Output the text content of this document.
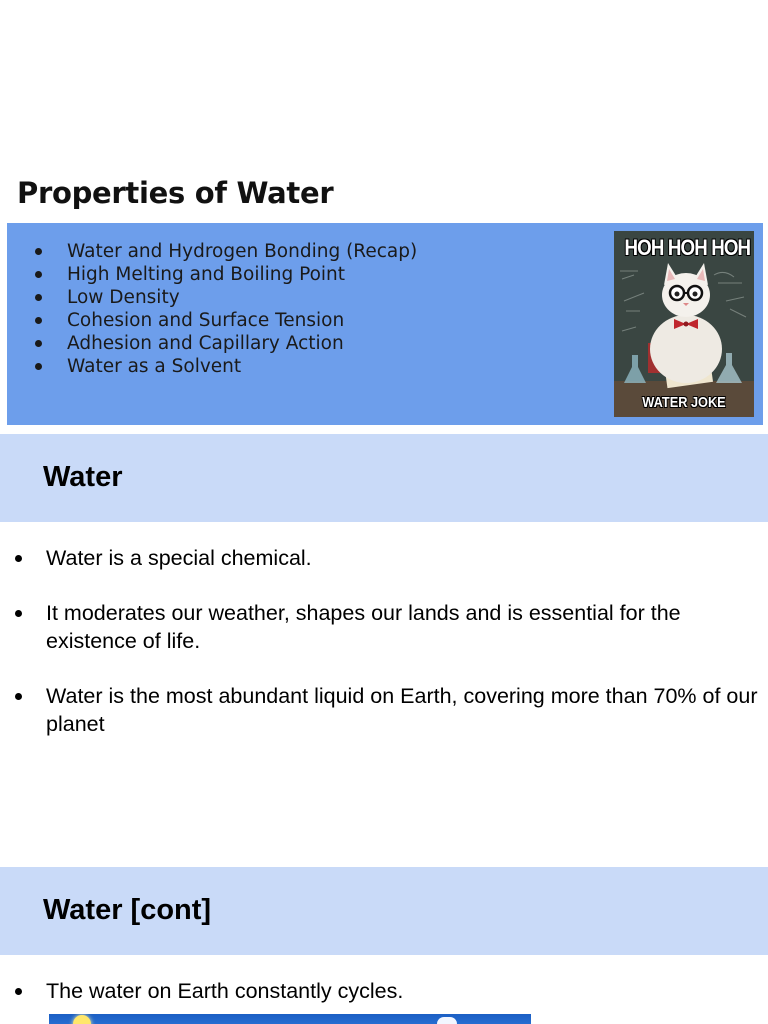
Properties of Water
Water and Hydrogen Bonding (Recap)
High Melting and Boiling Point
Low Density
Cohesion and Surface Tension
Adhesion and Capillary Action
Water as a Solvent
HOH HOH HOH
WATER JOKE
Water
Water is a special chemical.
It moderates our weather, shapes our lands and is essential for the existence of life.
Water is the most abundant liquid on Earth, covering more than 70% of our planet
Water [cont]
The water on Earth constantly cycles.
